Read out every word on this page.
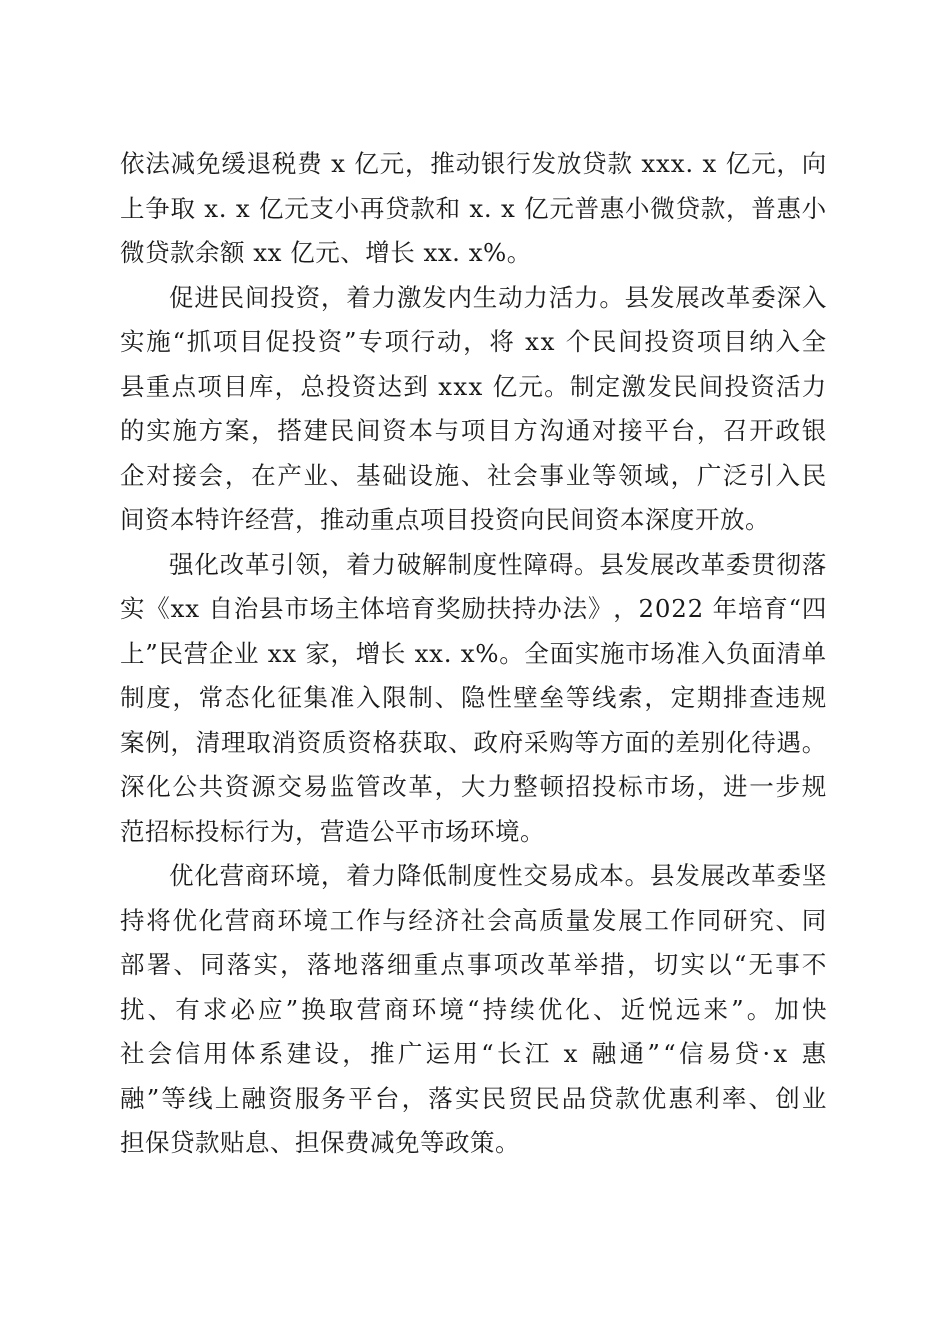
依 法 减 免 缓 退 税 费
x
亿 元 ， 推 动 银 行 发 放 贷 款
x x x .
x
亿 元 ， 向
上 争 取
x .
x
亿 元 支 小 再 贷 款 和
x .
x
亿 元 普 惠 小 微 贷 款 ， 普 惠 小
微贷款余额 xx 亿元、增长 xx. x%。
促 进 民 间 投 资 ， 着 力 激 发 内 生 动 力 活 力 。 县 发 展 改 革 委 深 入
实 施 “ 抓 项 目 促 投 资 ” 专 项 行 动 ， 将
x x
个 民 间 投 资 项 目 纳 入 全
县 重 点 项 目 库 ， 总 投 资 达 到
x x x
亿 元 。 制 定 激 发 民 间 投 资 活 力
的 实 施 方 案 ， 搭 建 民 间 资 本 与 项 目 方 沟 通 对 接 平 台 ， 召 开 政 银
企 对 接 会 ， 在 产 业 、 基 础 设 施 、 社 会 事 业 等 领 域 ， 广 泛 引 入 民
间资本特许经营，推动重点项目投资向民间资本深度开放。
强 化 改 革 引 领 ， 着 力 破 解 制 度 性 障 碍 。 县 发 展 改 革 委 贯 彻 落
实 《 x x
自 治 县 市 场 主 体 培 育 奖 励 扶 持 办 法 》 ， 2 0 2 2
年 培 育 “ 四
上 ” 民 营 企 业
x x
家 ， 增 长
x x .
x % 。 全 面 实 施 市 场 准 入 负 面 清 单
制 度 ， 常 态 化 征 集 准 入 限 制 、 隐 性 壁 垒 等 线 索 ， 定 期 排 查 违 规
案 例 ， 清 理 取 消 资 质 资 格 获 取 、 政 府 采 购 等 方 面 的 差 别 化 待 遇 。
深 化 公 共 资 源 交 易 监 管 改 革 ， 大 力 整 顿 招 投 标 市 场 ， 进 一 步 规
范招标投标行为，营造公平市场环境。
优 化 营 商 环 境 ， 着 力 降 低 制 度 性 交 易 成 本 。 县 发 展 改 革 委 坚
持 将 优 化 营 商 环 境 工 作 与 经 济 社 会 高 质 量 发 展 工 作 同 研 究 、 同
部 署 、 同 落 实 ， 落 地 落 细 重 点 事 项 改 革 举 措 ， 切 实 以 “ 无 事 不
扰 、 有 求 必 应 ” 换 取 营 商 环 境 “ 持 续 优 化 、 近 悦 远 来 ” 。 加 快
社 会 信 用 体 系 建 设 ， 推 广 运 用 “ 长 江
x
融 通 ” “ 信 易 贷 · x
惠
融 ” 等 线 上 融 资 服 务 平 台 ， 落 实 民 贸 民 品 贷 款 优 惠 利 率 、 创 业
担保贷款贴息、担保费减免等政策。
